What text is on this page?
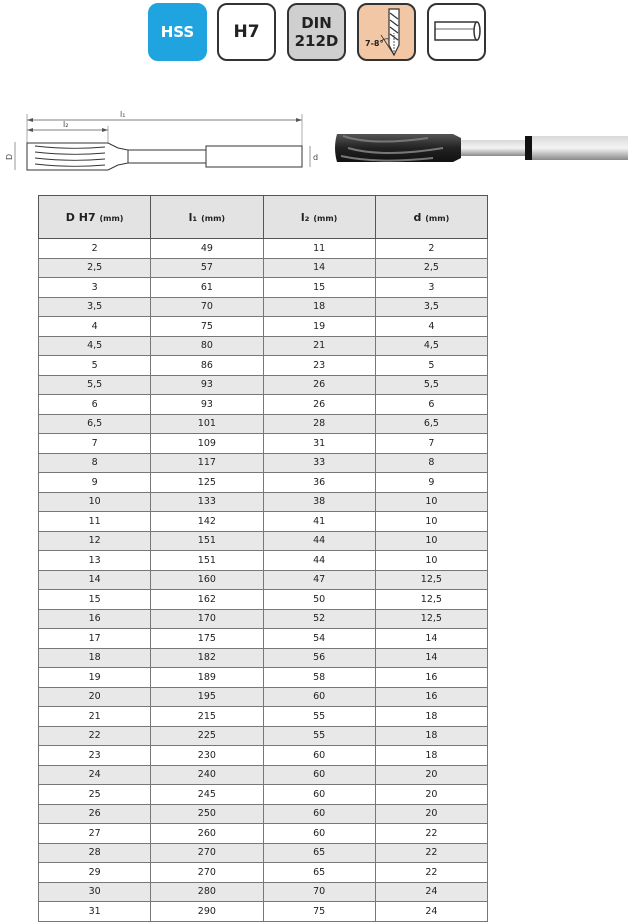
HSS H7	DIN
212D	7-8°
l₁
l₂
D	d
D H7 (mm)	l₁ (mm)	l₂ (mm)	d (mm)
2	49	11	2
2,5	57	14	2,5
3	61	15	3
3,5	70	18	3,5
4	75	19	4
4,5	80	21	4,5
5	86	23	5
5,5	93	26	5,5
6	93	26	6
6,5	101	28	6,5
7	109	31	7
8	117	33	8
9	125	36	9
10	133	38	10
11	142	41	10
12	151	44	10
13	151	44	10
14	160	47	12,5
15	162	50	12,5
16	170	52	12,5
17	175	54	14
18	182	56	14
19	189	58	16
20	195	60	16
21	215	55	18
22	225	55	18
23	230	60	18
24	240	60	20
25	245	60	20
26	250	60	20
27	260	60	22
28	270	65	22
29	270	65	22
30	280	70	24
31	290	75	24
